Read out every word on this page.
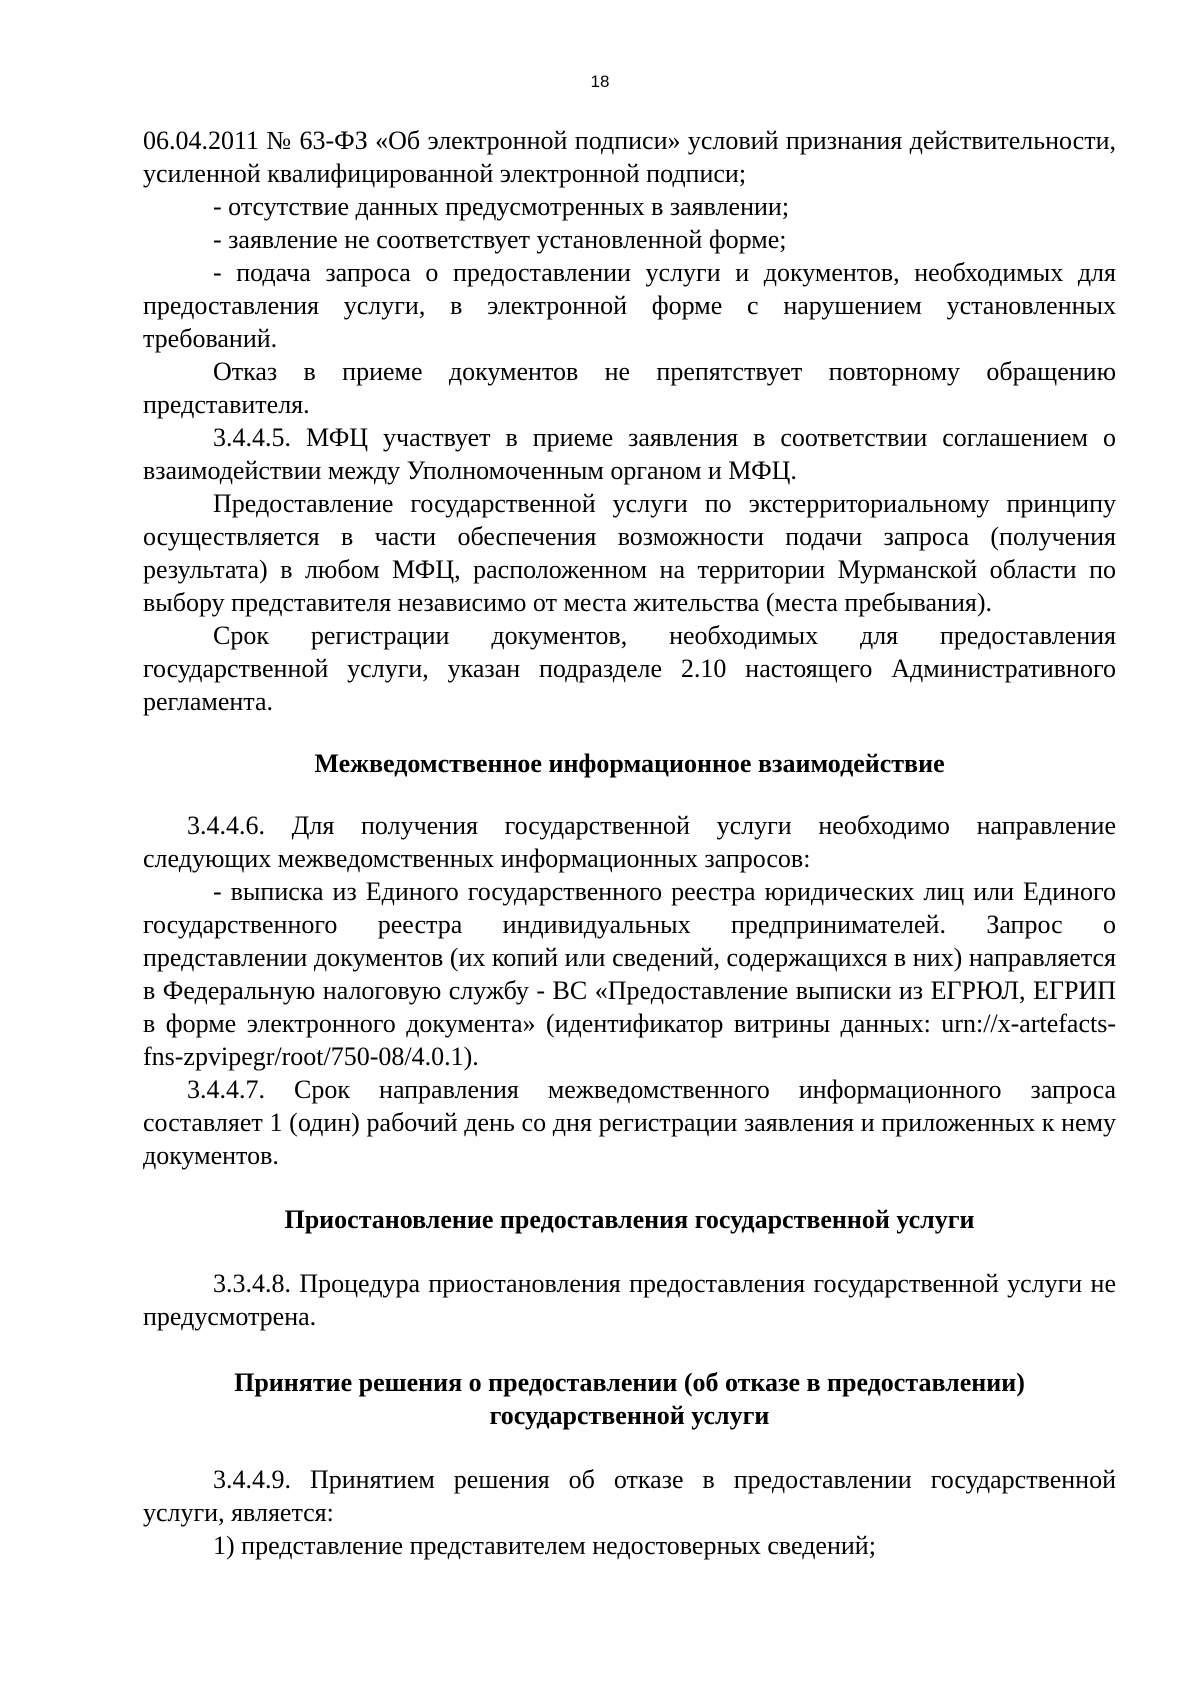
18

06.04.2011 № 63-ФЗ «Об электронной подписи» условий признания действительности, усиленной квалифицированной электронной подписи;

- отсутствие данных предусмотренных в заявлении;

- заявление не соответствует установленной форме;

- подача запроса о предоставлении услуги и документов, необходимых для предоставления услуги, в электронной форме с нарушением установленных требований.

Отказ в приеме документов не препятствует повторному обращению представителя.

3.4.4.5. МФЦ участвует в приеме заявления в соответствии соглашением о взаимодействии между Уполномоченным органом и МФЦ.

Предоставление государственной услуги по экстерриториальному принципу осуществляется в части обеспечения возможности подачи запроса (получения результата) в любом МФЦ, расположенном на территории Мурманской области по выбору представителя независимо от места жительства (места пребывания).

Срок регистрации документов, необходимых для предоставления государственной услуги, указан подразделе 2.10 настоящего Административного регламента.

Межведомственное информационное взаимодействие

3.4.4.6. Для получения государственной услуги необходимо направление следующих межведомственных информационных запросов:

- выписка из Единого государственного реестра юридических лиц или Единого государственного реестра индивидуальных предпринимателей. Запрос о представлении документов (их копий или сведений, содержащихся в них) направляется в Федеральную налоговую службу - ВС «Предоставление выписки из ЕГРЮЛ, ЕГРИП в форме электронного документа» (идентификатор витрины данных: urn://x-artefacts-fns-zpvipegr/root/750-08/4.0.1).

3.4.4.7. Срок направления межведомственного информационного запроса составляет 1 (один) рабочий день со дня регистрации заявления и приложенных к нему документов.

Приостановление предоставления государственной услуги

3.3.4.8. Процедура приостановления предоставления государственной услуги не предусмотрена.

Принятие решения о предоставлении (об отказе в предоставлении)
государственной услуги

3.4.4.9. Принятием решения об отказе в предоставлении государственной услуги, является:

1) представление представителем недостоверных сведений;
